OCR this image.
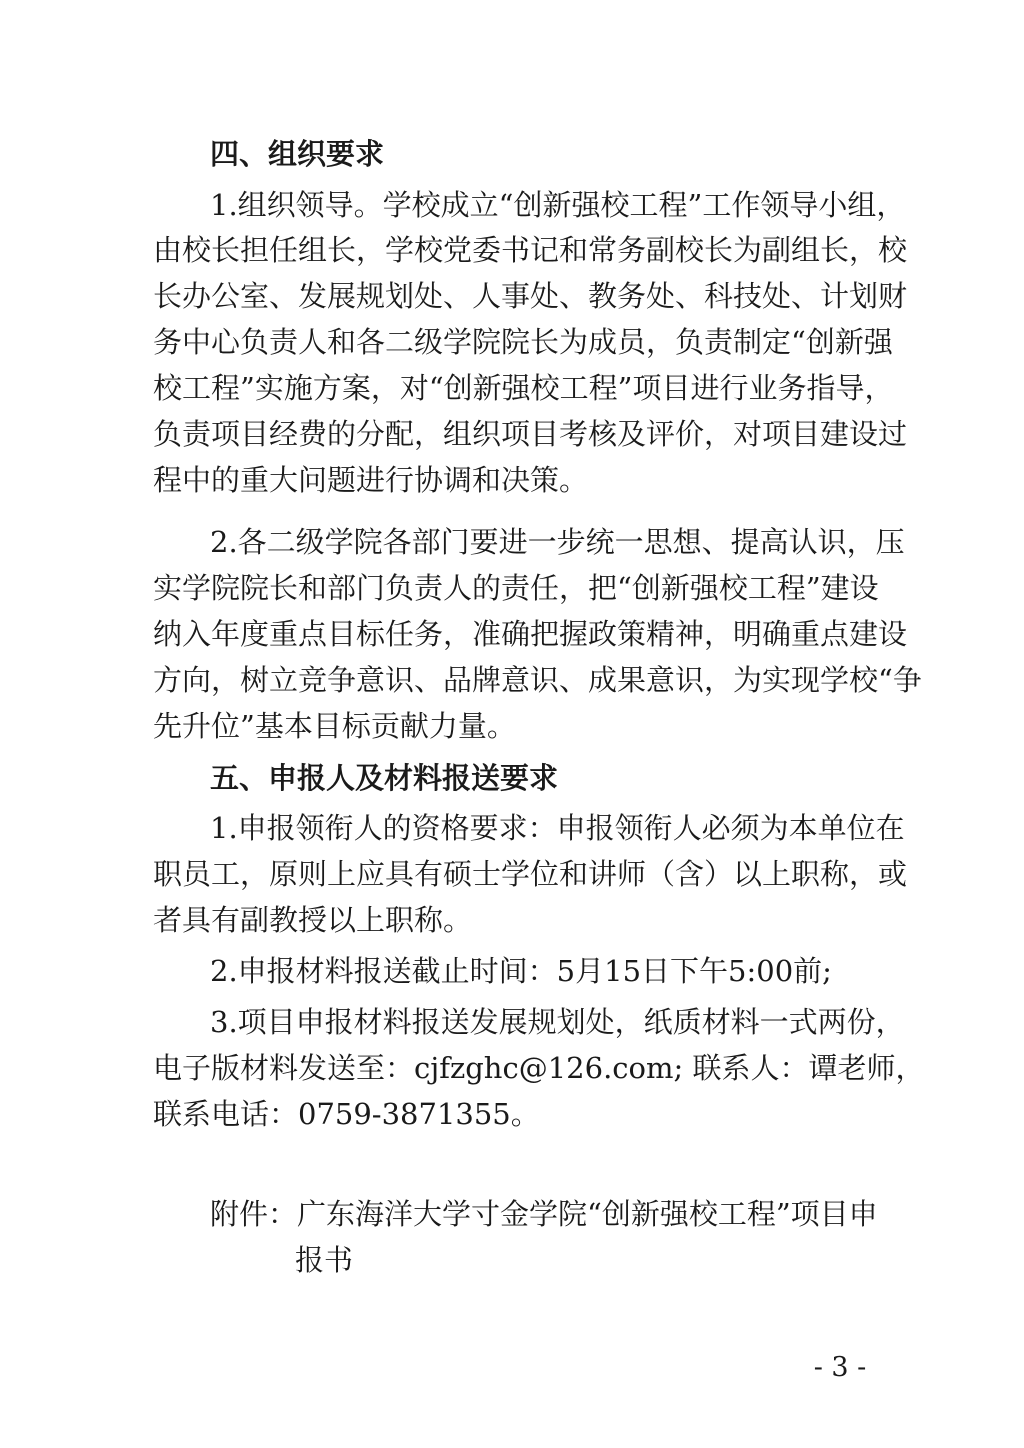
四、组织要求
1.组织领导。学校成立“创新强校工程”工作领导小组，
由校长担任组长，学校党委书记和常务副校长为副组长，校
长办公室、发展规划处、人事处、教务处、科技处、计划财
务中心负责人和各二级学院院长为成员，负责制定“创新强
校工程”实施方案，对“创新强校工程”项目进行业务指导，
负责项目经费的分配，组织项目考核及评价，对项目建设过
程中的重大问题进行协调和决策。
2.各二级学院各部门要进一步统一思想、提高认识，压
实学院院长和部门负责人的责任，把“创新强校工程”建设
纳入年度重点目标任务，准确把握政策精神，明确重点建设
方向，树立竞争意识、品牌意识、成果意识，为实现学校“争
先升位”基本目标贡献力量。
五、申报人及材料报送要求
1.申报领衔人的资格要求：申报领衔人必须为本单位在
职员工，原则上应具有硕士学位和讲师（含）以上职称，或
者具有副教授以上职称。
2.申报材料报送截止时间：5月15日下午5:00前;
3.项目申报材料报送发展规划处，纸质材料一式两份，
电子版材料发送至：cjfzghc@126.com; 联系人：谭老师，
联系电话：0759-3871355。
附件：广东海洋大学寸金学院“创新强校工程”项目申
报书
- 3 -
